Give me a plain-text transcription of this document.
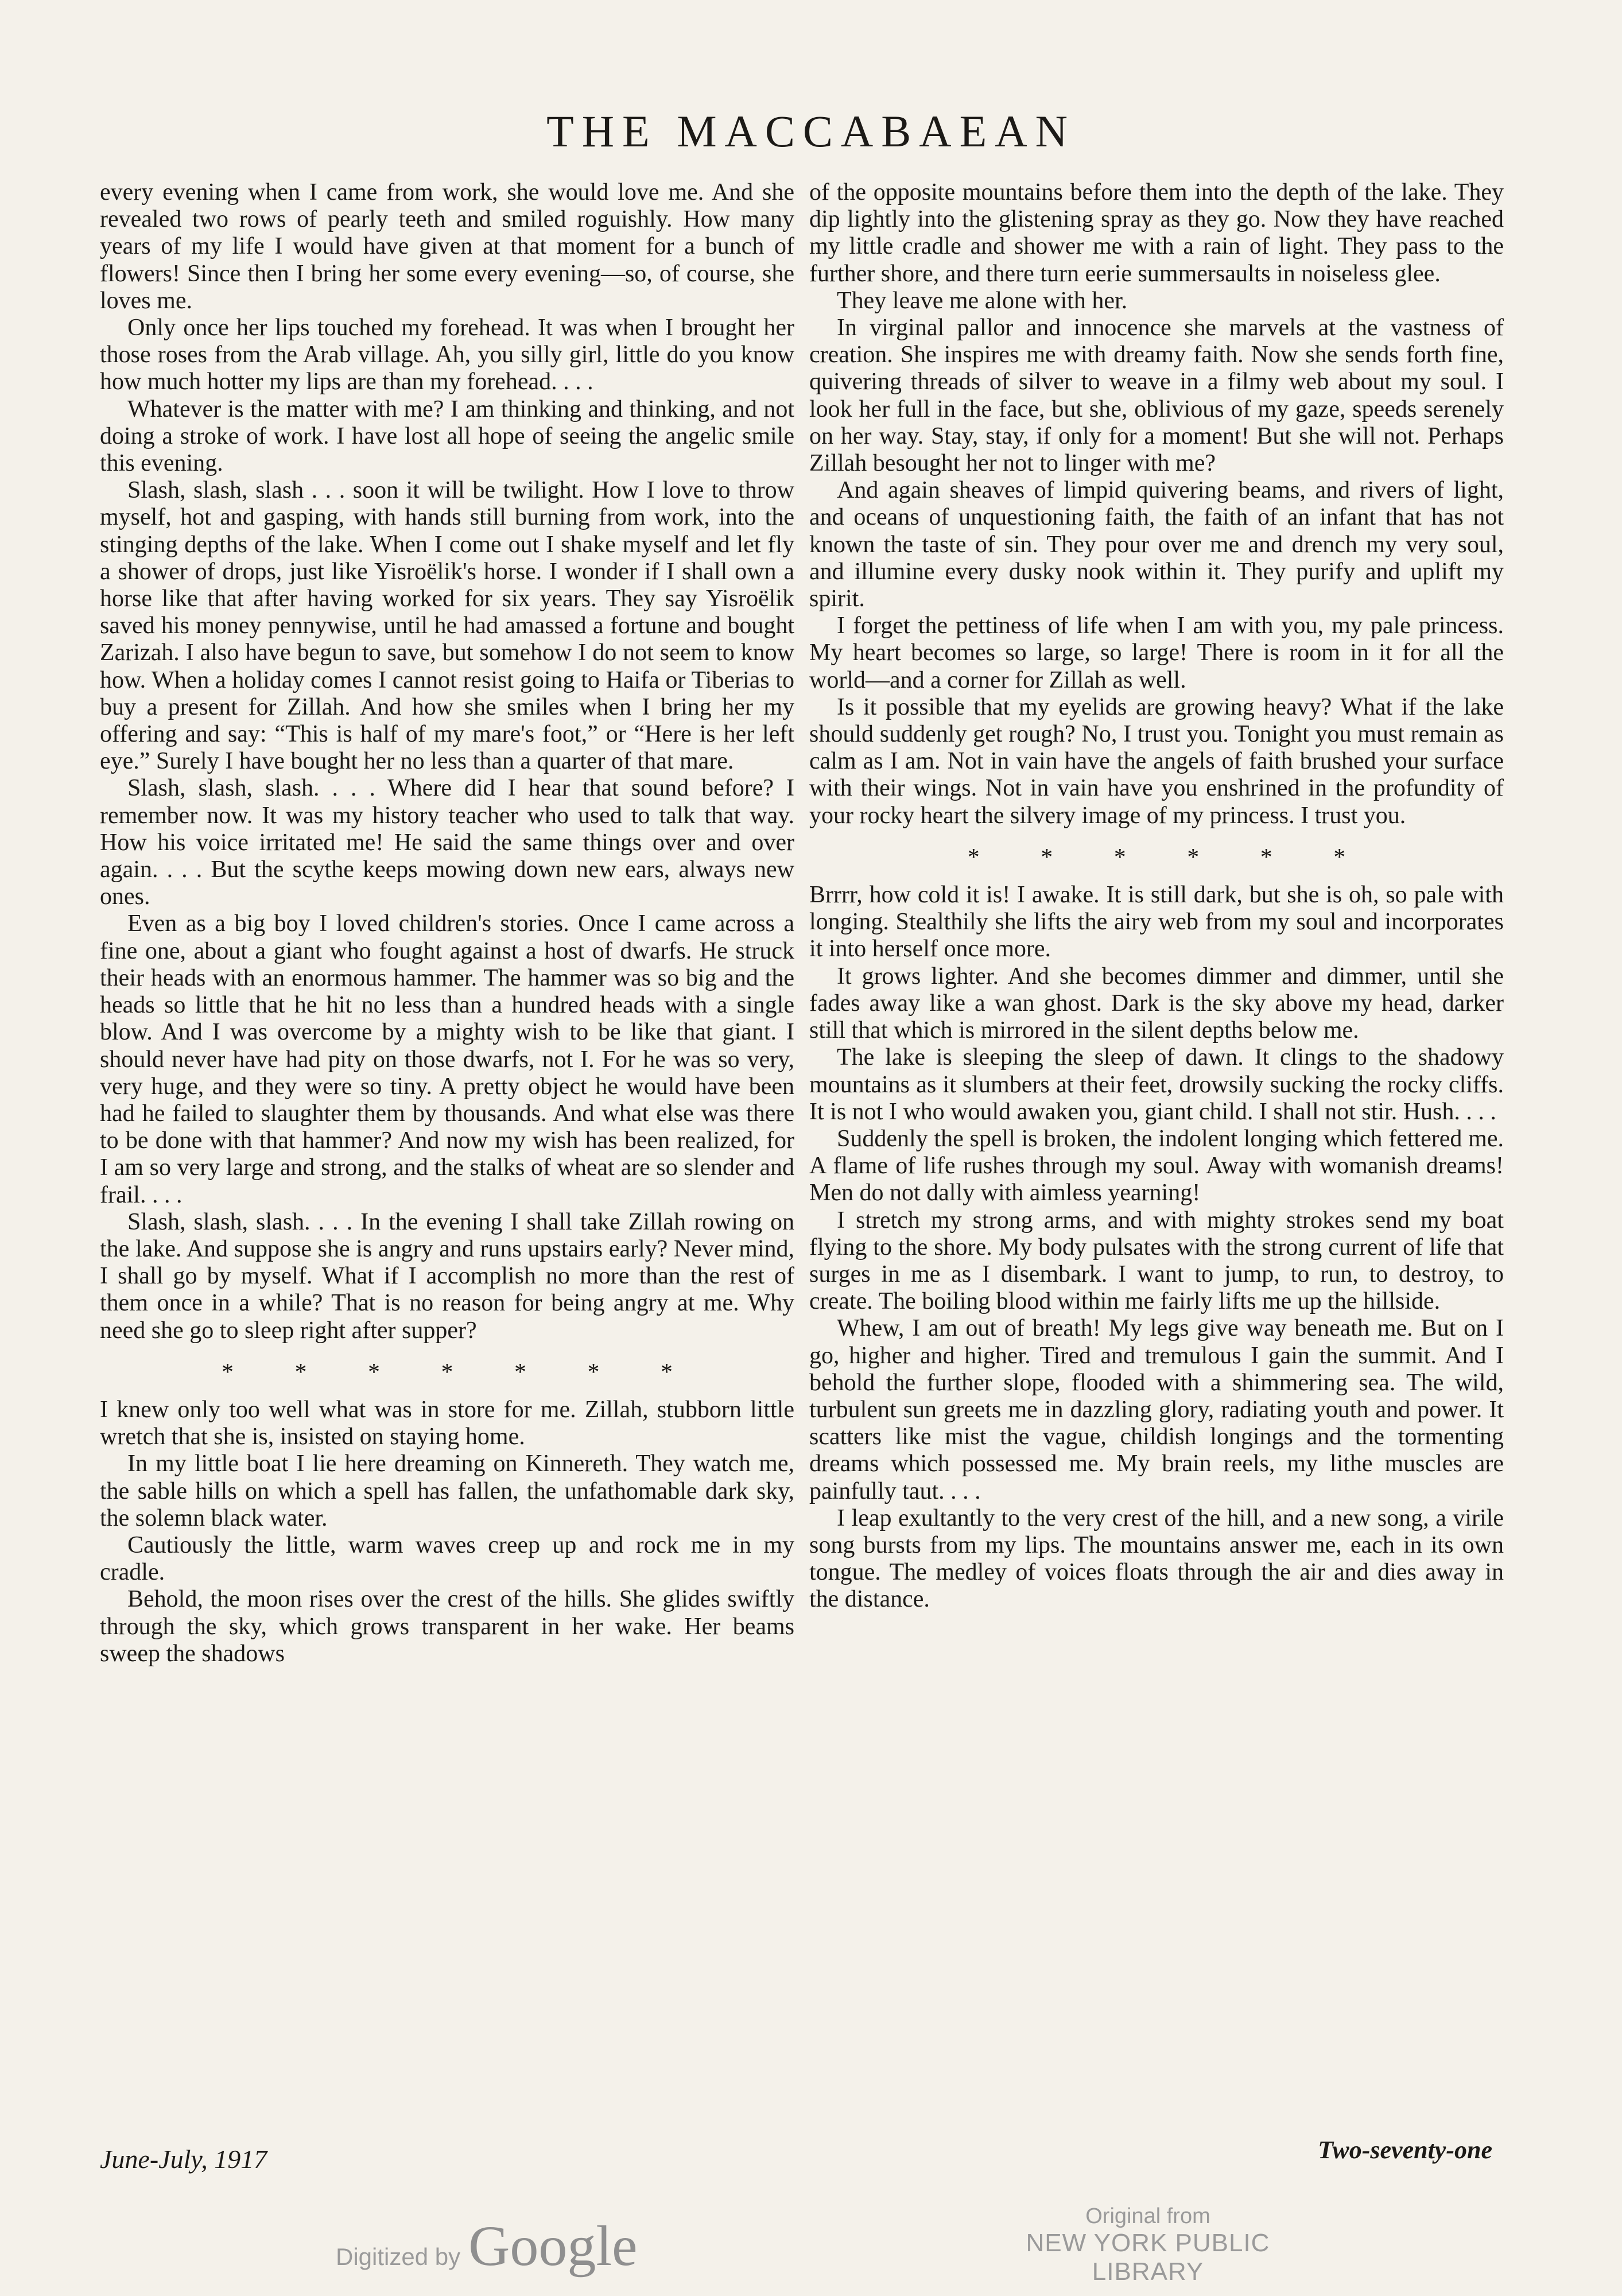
THE MACCABAEAN

every evening when I came from work, she would love me. And she revealed two rows of pearly teeth and smiled roguishly. How many years of my life I would have given at that moment for a bunch of flowers! Since then I bring her some every evening—so, of course, she loves me.

Only once her lips touched my forehead. It was when I brought her those roses from the Arab village. Ah, you silly girl, little do you know how much hotter my lips are than my forehead. . . .

Whatever is the matter with me? I am thinking and thinking, and not doing a stroke of work. I have lost all hope of seeing the angelic smile this evening.

Slash, slash, slash . . . soon it will be twilight. How I love to throw myself, hot and gasping, with hands still burning from work, into the stinging depths of the lake. When I come out I shake myself and let fly a shower of drops, just like Yisroëlik's horse. I wonder if I shall own a horse like that after having worked for six years. They say Yisroëlik saved his money pennywise, until he had amassed a fortune and bought Zarizah. I also have begun to save, but somehow I do not seem to know how. When a holiday comes I cannot resist going to Haifa or Tiberias to buy a present for Zillah. And how she smiles when I bring her my offering and say: “This is half of my mare's foot,” or “Here is her left eye.” Surely I have bought her no less than a quarter of that mare.

Slash, slash, slash. . . . Where did I hear that sound before? I remember now. It was my history teacher who used to talk that way. How his voice irritated me! He said the same things over and over again. . . . But the scythe keeps mowing down new ears, always new ones.

Even as a big boy I loved children's stories. Once I came across a fine one, about a giant who fought against a host of dwarfs. He struck their heads with an enormous hammer. The hammer was so big and the heads so little that he hit no less than a hundred heads with a single blow. And I was overcome by a mighty wish to be like that giant. I should never have had pity on those dwarfs, not I. For he was so very, very huge, and they were so tiny. A pretty object he would have been had he failed to slaughter them by thousands. And what else was there to be done with that hammer? And now my wish has been realized, for I am so very large and strong, and the stalks of wheat are so slender and frail. . . .

Slash, slash, slash. . . . In the evening I shall take Zillah rowing on the lake. And suppose she is angry and runs upstairs early? Never mind, I shall go by myself. What if I accomplish no more than the rest of them once in a while? That is no reason for being angry at me. Why need she go to sleep right after supper?

* * * * * * *

I knew only too well what was in store for me. Zillah, stubborn little wretch that she is, insisted on staying home.

In my little boat I lie here dreaming on Kinnereth. They watch me, the sable hills on which a spell has fallen, the unfathomable dark sky, the solemn black water.

Cautiously the little, warm waves creep up and rock me in my cradle.

Behold, the moon rises over the crest of the hills. She glides swiftly through the sky, which grows transparent in her wake. Her beams sweep the shadows

of the opposite mountains before them into the depth of the lake. They dip lightly into the glistening spray as they go. Now they have reached my little cradle and shower me with a rain of light. They pass to the further shore, and there turn eerie summersaults in noiseless glee.

They leave me alone with her.

In virginal pallor and innocence she marvels at the vastness of creation. She inspires me with dreamy faith. Now she sends forth fine, quivering threads of silver to weave in a filmy web about my soul. I look her full in the face, but she, oblivious of my gaze, speeds serenely on her way. Stay, stay, if only for a moment! But she will not. Perhaps Zillah besought her not to linger with me?

And again sheaves of limpid quivering beams, and rivers of light, and oceans of unquestioning faith, the faith of an infant that has not known the taste of sin. They pour over me and drench my very soul, and illumine every dusky nook within it. They purify and uplift my spirit.

I forget the pettiness of life when I am with you, my pale princess. My heart becomes so large, so large! There is room in it for all the world—and a corner for Zillah as well.

Is it possible that my eyelids are growing heavy? What if the lake should suddenly get rough? No, I trust you. Tonight you must remain as calm as I am. Not in vain have the angels of faith brushed your surface with their wings. Not in vain have you enshrined in the profundity of your rocky heart the silvery image of my princess. I trust you.

* * * * * *

Brrrr, how cold it is! I awake. It is still dark, but she is oh, so pale with longing. Stealthily she lifts the airy web from my soul and incorporates it into herself once more.

It grows lighter. And she becomes dimmer and dimmer, until she fades away like a wan ghost. Dark is the sky above my head, darker still that which is mirrored in the silent depths below me.

The lake is sleeping the sleep of dawn. It clings to the shadowy mountains as it slumbers at their feet, drowsily sucking the rocky cliffs. It is not I who would awaken you, giant child. I shall not stir. Hush. . . .

Suddenly the spell is broken, the indolent longing which fettered me. A flame of life rushes through my soul. Away with womanish dreams! Men do not dally with aimless yearning!

I stretch my strong arms, and with mighty strokes send my boat flying to the shore. My body pulsates with the strong current of life that surges in me as I disembark. I want to jump, to run, to destroy, to create. The boiling blood within me fairly lifts me up the hillside.

Whew, I am out of breath! My legs give way beneath me. But on I go, higher and higher. Tired and tremulous I gain the summit. And I behold the further slope, flooded with a shimmering sea. The wild, turbulent sun greets me in dazzling glory, radiating youth and power. It scatters like mist the vague, childish longings and the tormenting dreams which possessed me. My brain reels, my lithe muscles are painfully taut. . . .

I leap exultantly to the very crest of the hill, and a new song, a virile song bursts from my lips. The mountains answer me, each in its own tongue. The medley of voices floats through the air and dies away in the distance.

June-July, 1917	Two-seventy-one
Digitized by Google	Original from
NEW YORK PUBLIC LIBRARY
